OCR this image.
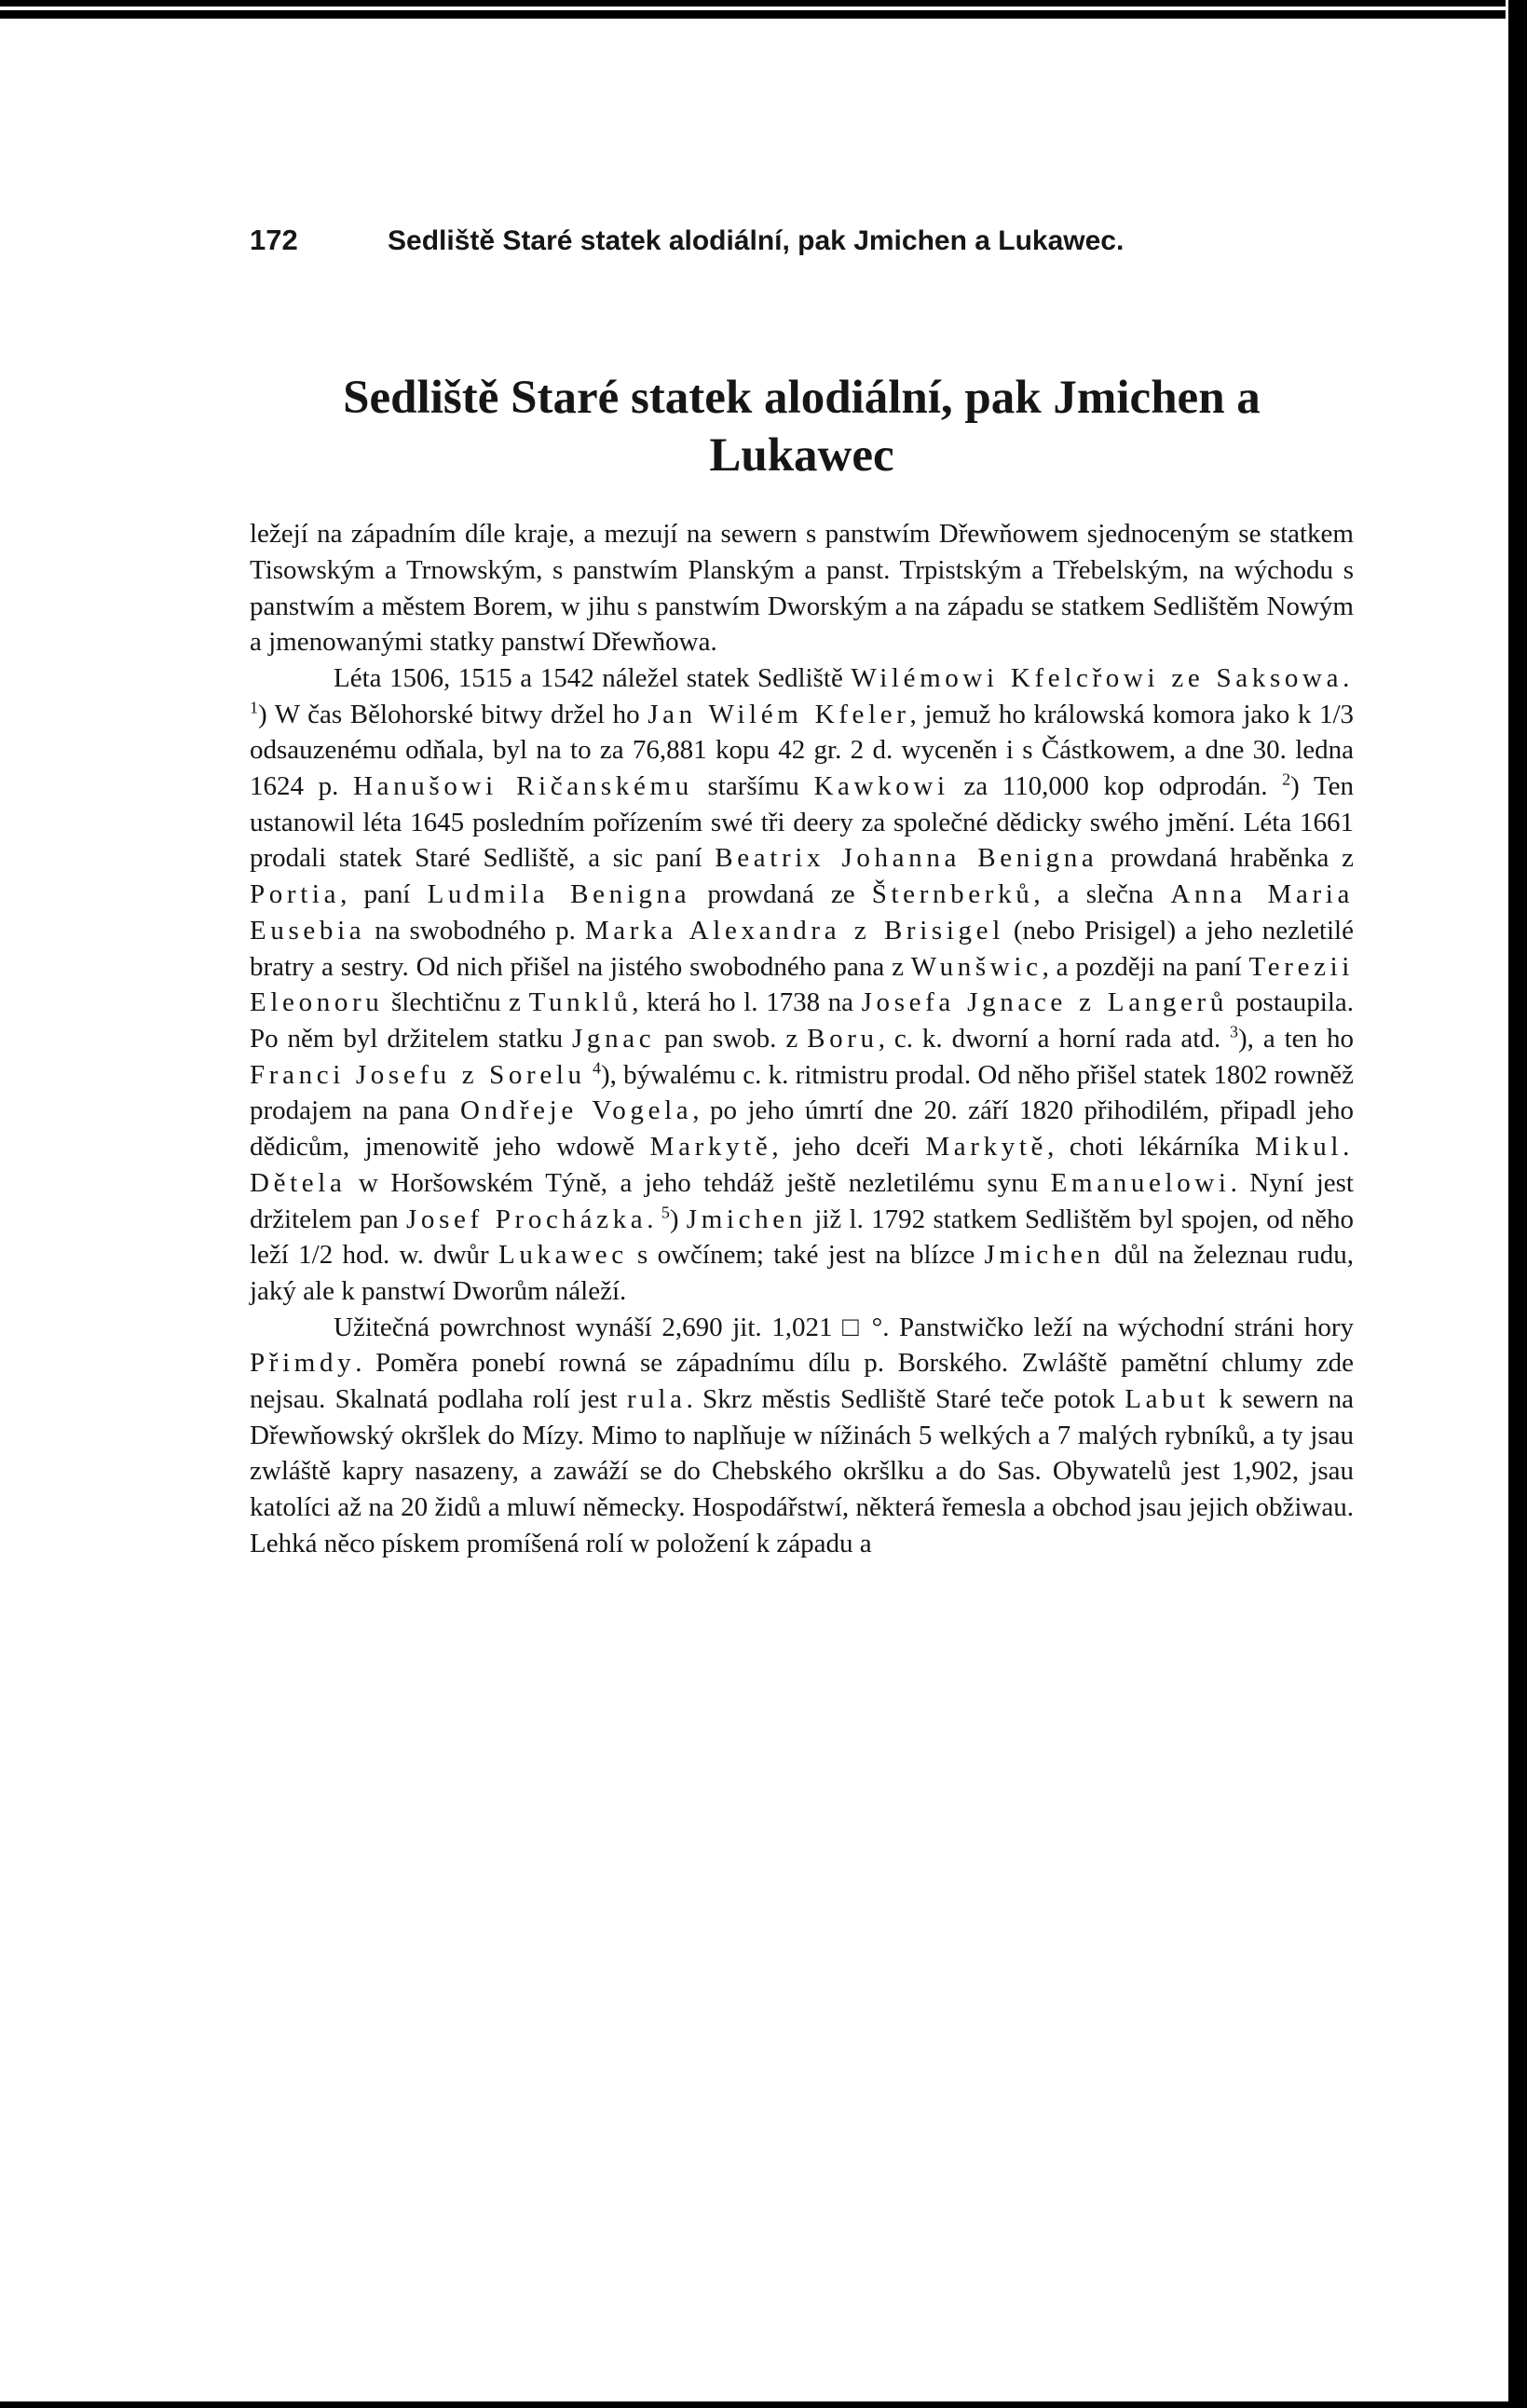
172	Sedliště Staré statek alodiální, pak Jmichen a Lukawec.
Sedliště Staré statek alodiální, pak Jmichen a
Lukawec

ležejí na západním díle kraje, a mezují na sewern s panstwím Dřewňowem sjednoceným se statkem Tisowským a Trnowským, s panstwím Planským a panst. Trpistským a Třebelským, na wýchodu s panstwím a městem Borem, w jihu s panstwím Dworským a na západu se statkem Sedlištěm Nowým a jmenowanými statky panstwí Dřewňowa.

Léta 1506, 1515 a 1542 náležel statek Sedliště Wilémowi Kfelcřowi ze Saksowa. $^1$) W čas Bělohorské bitwy držel ho Jan Wilém Kfeler, jemuž ho králowská komora jako k 1/3 odsauzenému odňala, byl na to za 76,881 kopu 42 gr. 2 d. wyceněn i s Částkowem, a dne 30. ledna 1624 p. Hanušowi Ričanskému staršímu Kawkowi za 110,000 kop odprodán. $^2$) Ten ustanowil léta 1645 posledním pořízením swé tři deery za společné dědicky swého jmění. Léta 1661 prodali statek Staré Sedliště, a sic paní Beatrix Johanna Benigna prowdaná hraběnka z Portia, paní Ludmila Benigna prowdaná ze Šternberků, a slečna Anna Maria Eusebia na swobodného p. Marka Alexandra z Brisigel (nebo Prisigel) a jeho nezletilé bratry a sestry. Od nich přišel na jistého swobodného pana z Wunšwic, a později na paní Terezii Eleonoru šlechtičnu z Tunklů, která ho l. 1738 na Josefa Jgnace z Langerů postaupila. Po něm byl držitelem statku Jgnac pan swob. z Boru, c. k. dworní a horní rada atd. $^3$), a ten ho Franci Josefu z Sorelu $^4$), býwalému c. k. ritmistru prodal. Od něho přišel statek 1802 rowněž prodajem na pana Ondřeje Vogela, po jeho úmrtí dne 20. září 1820 přihodilém, připadl jeho dědicům, jmenowitě jeho wdowě Markytě, jeho dceři Markytě, choti lékárníka Mikul. Dětela w Horšowském Týně, a jeho tehdáž ještě nezletilému synu Emanuelowi. Nyní jest držitelem pan Josef Procházka. $^5$) Jmichen již l. 1792 statkem Sedlištěm byl spojen, od něho leží 1/2 hod. w. dwůr Lukawec s owčínem; také jest na blízce Jmichen důl na železnau rudu, jaký ale k panstwí Dworům náleží.

Užitečná powrchnost wynáší 2,690 jit. 1,021 □ °. Panstwičko leží na wýchodní stráni hory Přimdy. Poměra ponebí rowná se západnímu dílu p. Borského. Zwláště pamětní chlumy zde nejsau. Skalnatá podlaha rolí jest rula. Skrz městis Sedliště Staré teče potok Labut k sewern na Dřewňowský okršlek do Mízy. Mimo to naplňuje w nížinách 5 welkých a 7 malých rybníků, a ty jsau zwláště kapry nasazeny, a zawáží se do Chebského okršlku a do Sas. Obywatelů jest 1,902, jsau katolíci až na 20 židů a mluwí německy. Hospodářstwí, některá řemesla a obchod jsau jejich obžiwau. Lehká něco pískem promíšená rolí w položení k západu a
